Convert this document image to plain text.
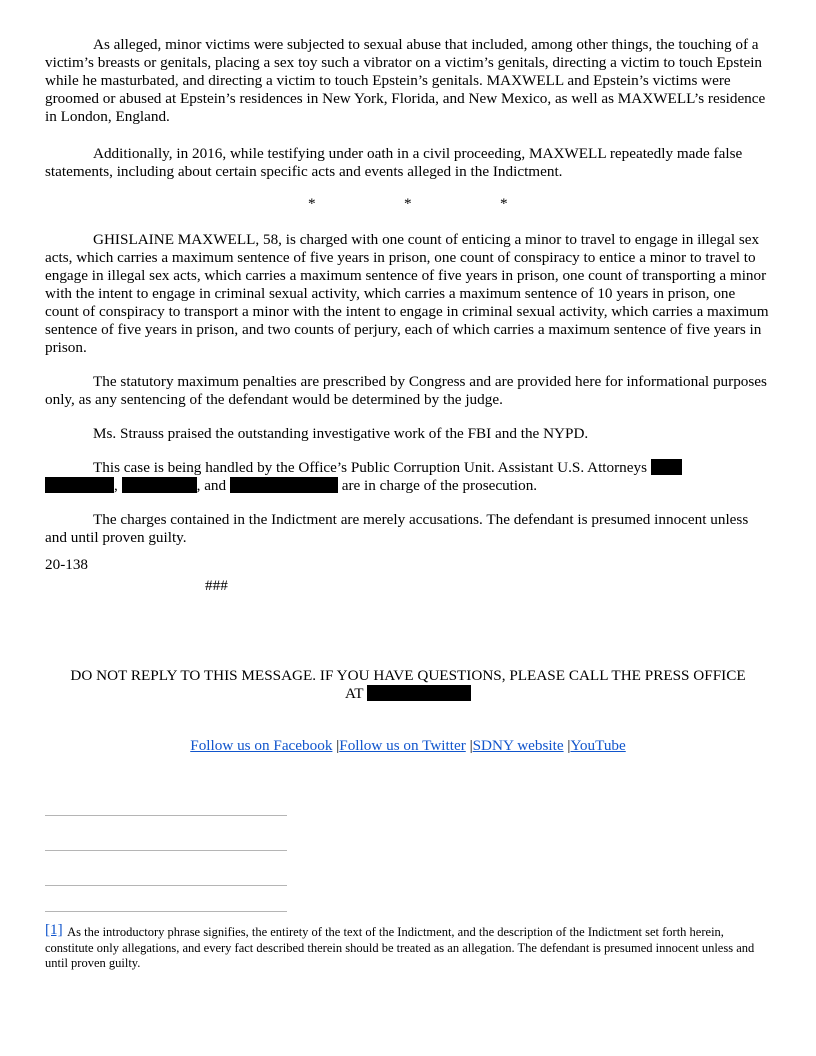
As alleged, minor victims were subjected to sexual abuse that included, among other things, the touching of a victim’s breasts or genitals, placing a sex toy such a vibrator on a victim’s genitals, directing a victim to touch Epstein while he masturbated, and directing a victim to touch Epstein’s genitals. MAXWELL and Epstein’s victims were groomed or abused at Epstein’s residences in New York, Florida, and New Mexico, as well as MAXWELL’s residence in London, England.

Additionally, in 2016, while testifying under oath in a civil proceeding, MAXWELL repeatedly made false statements, including about certain specific acts and events alleged in the Indictment.

*	*	*

GHISLAINE MAXWELL, 58, is charged with one count of enticing a minor to travel to engage in illegal sex acts, which carries a maximum sentence of five years in prison, one count of conspiracy to entice a minor to travel to engage in illegal sex acts, which carries a maximum sentence of five years in prison, one count of transporting a minor with the intent to engage in criminal sexual activity, which carries a maximum sentence of 10 years in prison, one count of conspiracy to transport a minor with the intent to engage in criminal sexual activity, which carries a maximum sentence of five years in prison, and two counts of perjury, each of which carries a maximum sentence of five years in prison.

The statutory maximum penalties are prescribed by Congress and are provided here for informational purposes only, as any sentencing of the defendant would be determined by the judge.

Ms. Strauss praised the outstanding investigative work of the FBI and the NYPD.

This case is being handled by the Office’s Public Corruption Unit. Assistant U.S. Attorneys
,	, and	are in charge of the prosecution.

The charges contained in the Indictment are merely accusations. The defendant is presumed innocent unless and until proven guilty.

20-138

###

DO NOT REPLY TO THIS MESSAGE. IF YOU HAVE QUESTIONS, PLEASE CALL THE PRESS OFFICE
AT
Follow us on Facebook |Follow us on Twitter |SDNY website |YouTube
[1] As the introductory phrase signifies, the entirety of the text of the Indictment, and the description of the Indictment set forth herein, constitute only allegations, and every fact described therein should be treated as an allegation. The defendant is presumed innocent unless and until proven guilty.
